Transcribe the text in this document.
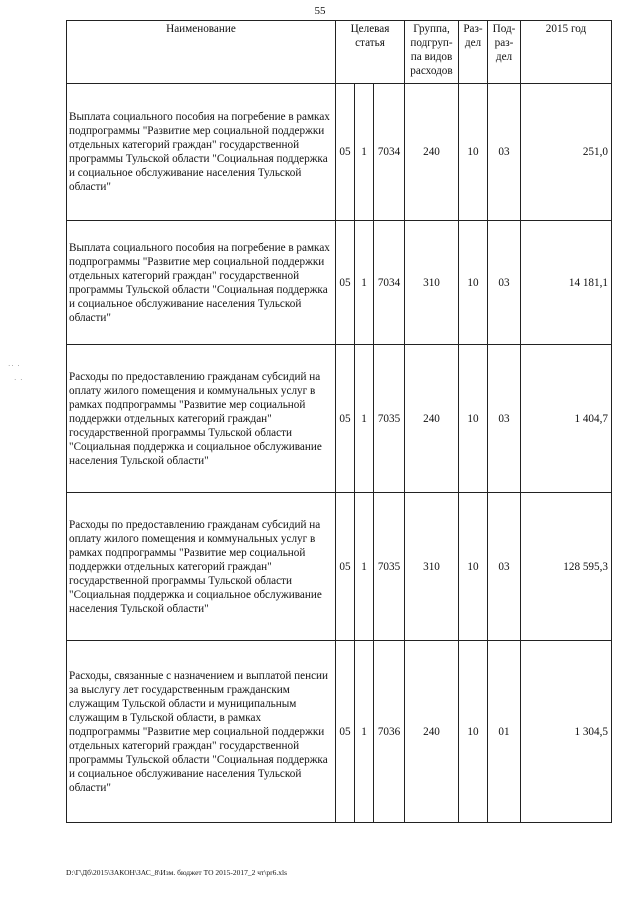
55
·· ·
· ·
Наименование	Целевая статья			Группа, подгруп-па видов расходов	Раз-дел	Под-раз-дел	2015 год

Выплата социального пособия на погребение в рамках подпрограммы "Развитие мер социальной поддержки отдельных категорий граждан" государственной программы Тульской области "Социальная поддержка и социальное обслуживание населения Тульской области"	05	1	7034	240	10	03	251,0

Выплата социального пособия на погребение в рамках подпрограммы "Развитие мер социальной поддержки отдельных категорий граждан" государственной программы Тульской области "Социальная поддержка и социальное обслуживание населения Тульской области"	05	1	7034	310	10	03	14 181,1

Расходы по предоставлению гражданам субсидий на оплату жилого помещения и коммунальных услуг в рамках подпрограммы "Развитие мер социальной поддержки отдельных категорий граждан" государственной программы Тульской области "Социальная поддержка и социальное обслуживание населения Тульской области"	05	1	7035	240	10	03	1 404,7

Расходы по предоставлению гражданам субсидий на оплату жилого помещения и коммунальных услуг в рамках подпрограммы "Развитие мер социальной поддержки отдельных категорий граждан" государственной программы Тульской области "Социальная поддержка и социальное обслуживание населения Тульской области"	05	1	7035	310	10	03	128 595,3

Расходы, связанные с назначением и выплатой пенсии за выслугу лет государственным гражданским служащим Тульской области и муниципальным служащим в Тульской области, в рамках подпрограммы "Развитие мер социальной поддержки отдельных категорий граждан" государственной программы Тульской области "Социальная поддержка и социальное обслуживание населения Тульской области"	05	1	7036	240	10	01	1 304,5
D:\Г\Дб\2015\ЗАКОН\ЗАС_8\Изм. бюджет ТО 2015-2017_2 чт\pr6.xls
